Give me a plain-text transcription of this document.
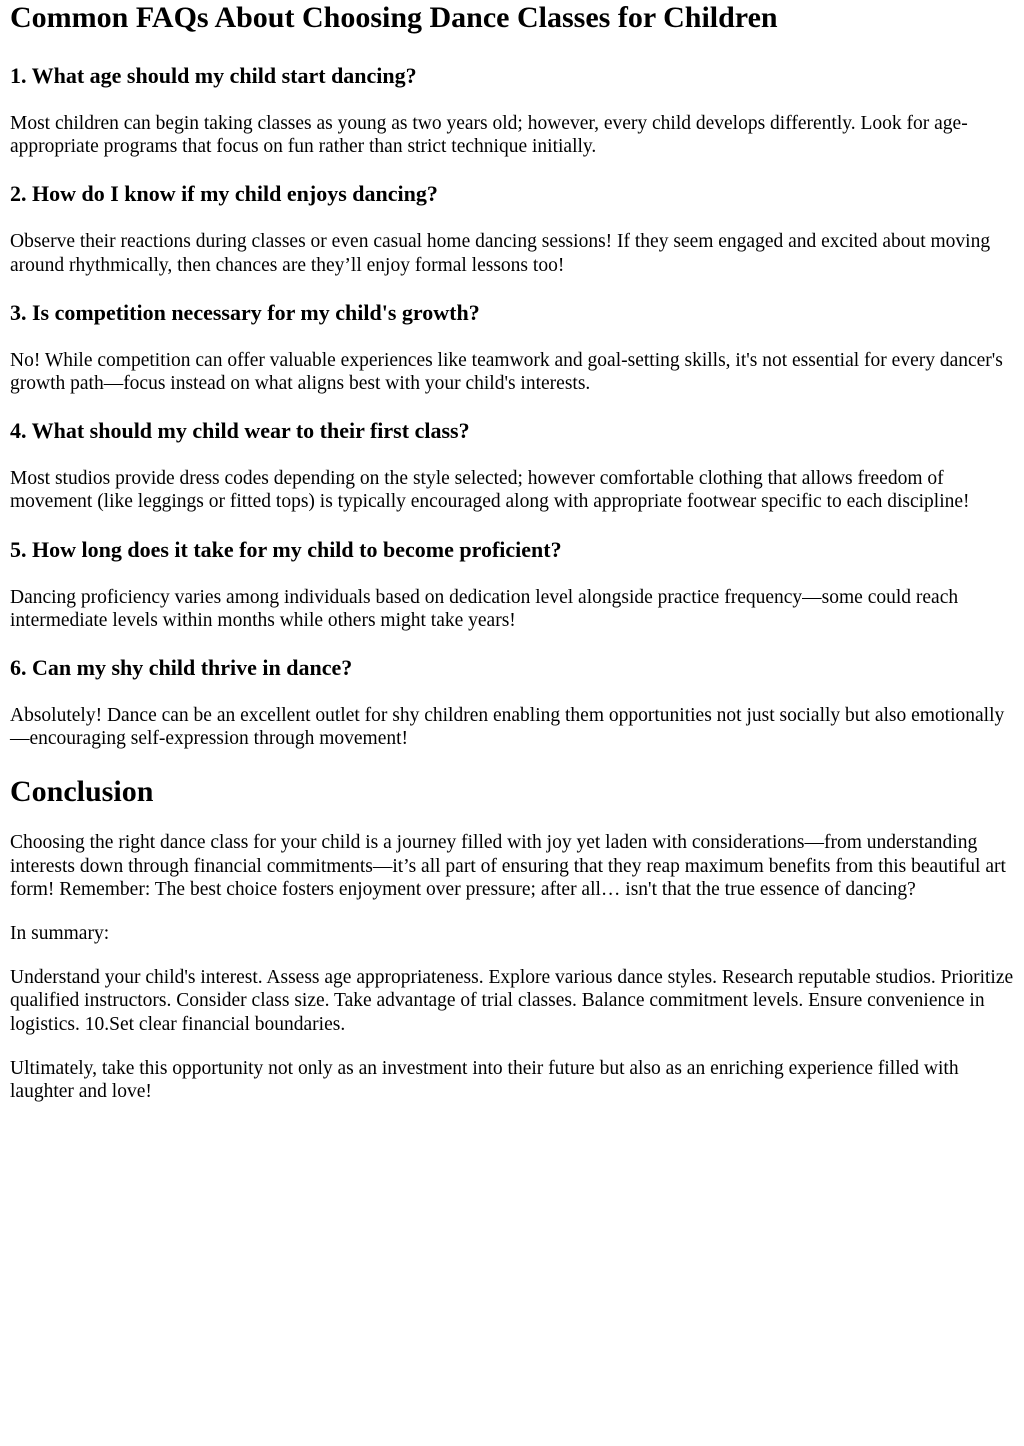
Common FAQs About Choosing Dance Classes for Children
1. What age should my child start dancing?

Most children can begin taking classes as young as two years old; however, every child develops differently. Look for age-appropriate programs that focus on fun rather than strict technique initially.

2. How do I know if my child enjoys dancing?

Observe their reactions during classes or even casual home dancing sessions! If they seem engaged and excited about moving around rhythmically, then chances are they’ll enjoy formal lessons too!

3. Is competition necessary for my child's growth?

No! While competition can offer valuable experiences like teamwork and goal-setting skills, it's not essential for every dancer's growth path—focus instead on what aligns best with your child's interests.

4. What should my child wear to their first class?

Most studios provide dress codes depending on the style selected; however comfortable clothing that allows freedom of movement (like leggings or fitted tops) is typically encouraged along with appropriate footwear specific to each discipline!

5. How long does it take for my child to become proficient?

Dancing proficiency varies among individuals based on dedication level alongside practice frequency—some could reach intermediate levels within months while others might take years!

6. Can my shy child thrive in dance?

Absolutely! Dance can be an excellent outlet for shy children enabling them opportunities not just socially but also emotionally—encouraging self-expression through movement!

Conclusion

Choosing the right dance class for your child is a journey filled with joy yet laden with considerations—from understanding interests down through financial commitments—it’s all part of ensuring that they reap maximum benefits from this beautiful art form! Remember: The best choice fosters enjoyment over pressure; after all… isn't that the true essence of dancing?

In summary:

Understand your child's interest. Assess age appropriateness. Explore various dance styles. Research reputable studios. Prioritize qualified instructors. Consider class size. Take advantage of trial classes. Balance commitment levels. Ensure convenience in logistics. 10.Set clear financial boundaries.

Ultimately, take this opportunity not only as an investment into their future but also as an enriching experience filled with laughter and love!
